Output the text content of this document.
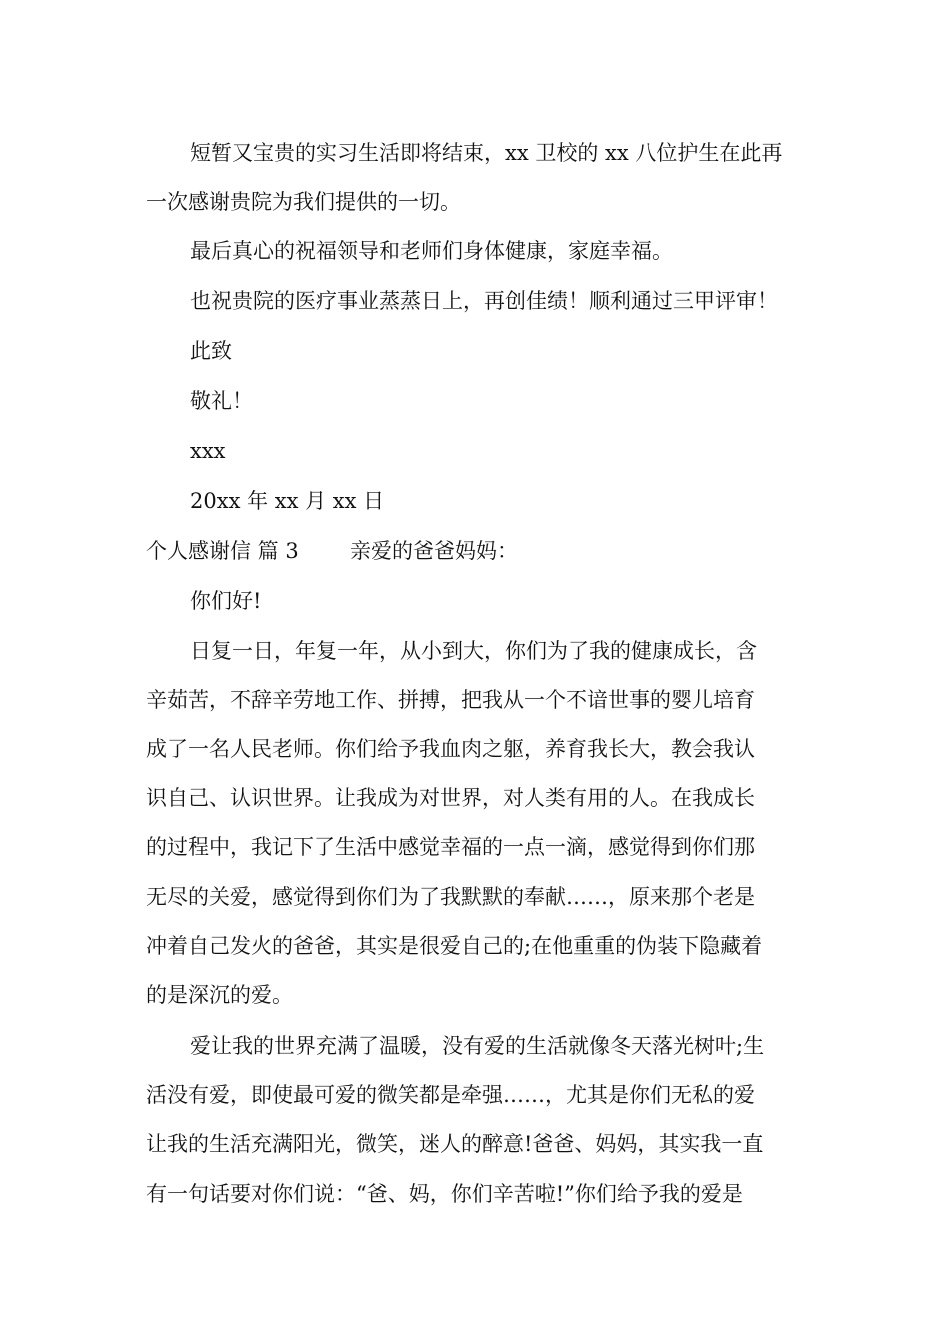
短暂又宝贵的实习生活即将结束，xx 卫校的 xx 八位护生在此再
一次感谢贵院为我们提供的一切。
最后真心的祝福领导和老师们身体健康，家庭幸福。
也祝贵院的医疗事业蒸蒸日上，再创佳绩！顺利通过三甲评审！
此致
敬礼！
xxx
20xx 年 xx 月 xx 日
个人感谢信 篇 3 亲爱的爸爸妈妈：
你们好!
日复一日，年复一年，从小到大，你们为了我的健康成长，含
辛茹苦，不辞辛劳地工作、拼搏，把我从一个不谙世事的婴儿培育
成了一名人民老师。你们给予我血肉之躯，养育我长大，教会我认
识自己、认识世界。让我成为对世界，对人类有用的人。在我成长
的过程中，我记下了生活中感觉幸福的一点一滴，感觉得到你们那
无尽的关爱，感觉得到你们为了我默默的奉献……，原来那个老是
冲着自己发火的爸爸，其实是很爱自己的;在他重重的伪装下隐藏着
的是深沉的爱。
爱让我的世界充满了温暖，没有爱的生活就像冬天落光树叶;生
活没有爱，即使最可爱的微笑都是牵强……，尤其是你们无私的爱
让我的生活充满阳光，微笑，迷人的醉意!爸爸、妈妈，其实我一直
有一句话要对你们说：“爸、妈，你们辛苦啦!”你们给予我的爱是
